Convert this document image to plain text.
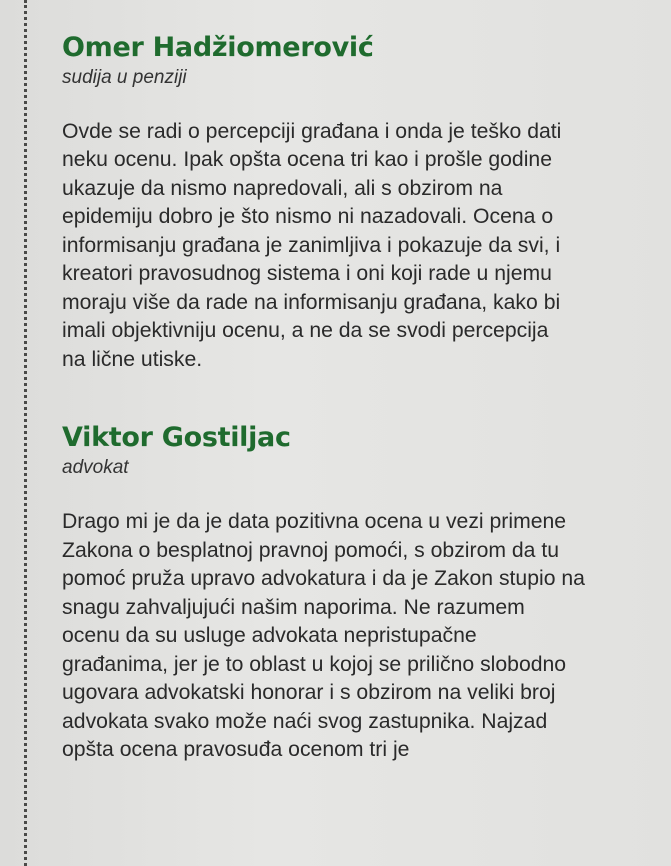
Omer Hadžiomerović

sudija u penziji

Ovde se radi o percepciji građana i onda je teško dati
neku ocenu. Ipak opšta ocena tri kao i prošle godine
ukazuje da nismo napredovali, ali s obzirom na
epidemiju dobro je što nismo ni nazadovali. Ocena o
informisanju građana je zanimljiva i pokazuje da svi, i
kreatori pravosudnog sistema i oni koji rade u njemu
moraju više da rade na informisanju građana, kako bi
imali objektivniju ocenu, a ne da se svodi percepcija
na lične utiske.

Viktor Gostiljac

advokat

Drago mi je da je data pozitivna ocena u vezi primene
Zakona o besplatnoj pravnoj pomoći, s obzirom da tu
pomoć pruža upravo advokatura i da je Zakon stupio na
snagu zahvaljujući našim naporima. Ne razumem
ocenu da su usluge advokata nepristupačne
građanima, jer je to oblast u kojoj se prilično slobodno
ugovara advokatski honorar i s obzirom na veliki broj
advokata svako može naći svog zastupnika. Najzad
opšta ocena pravosuđa ocenom tri je
